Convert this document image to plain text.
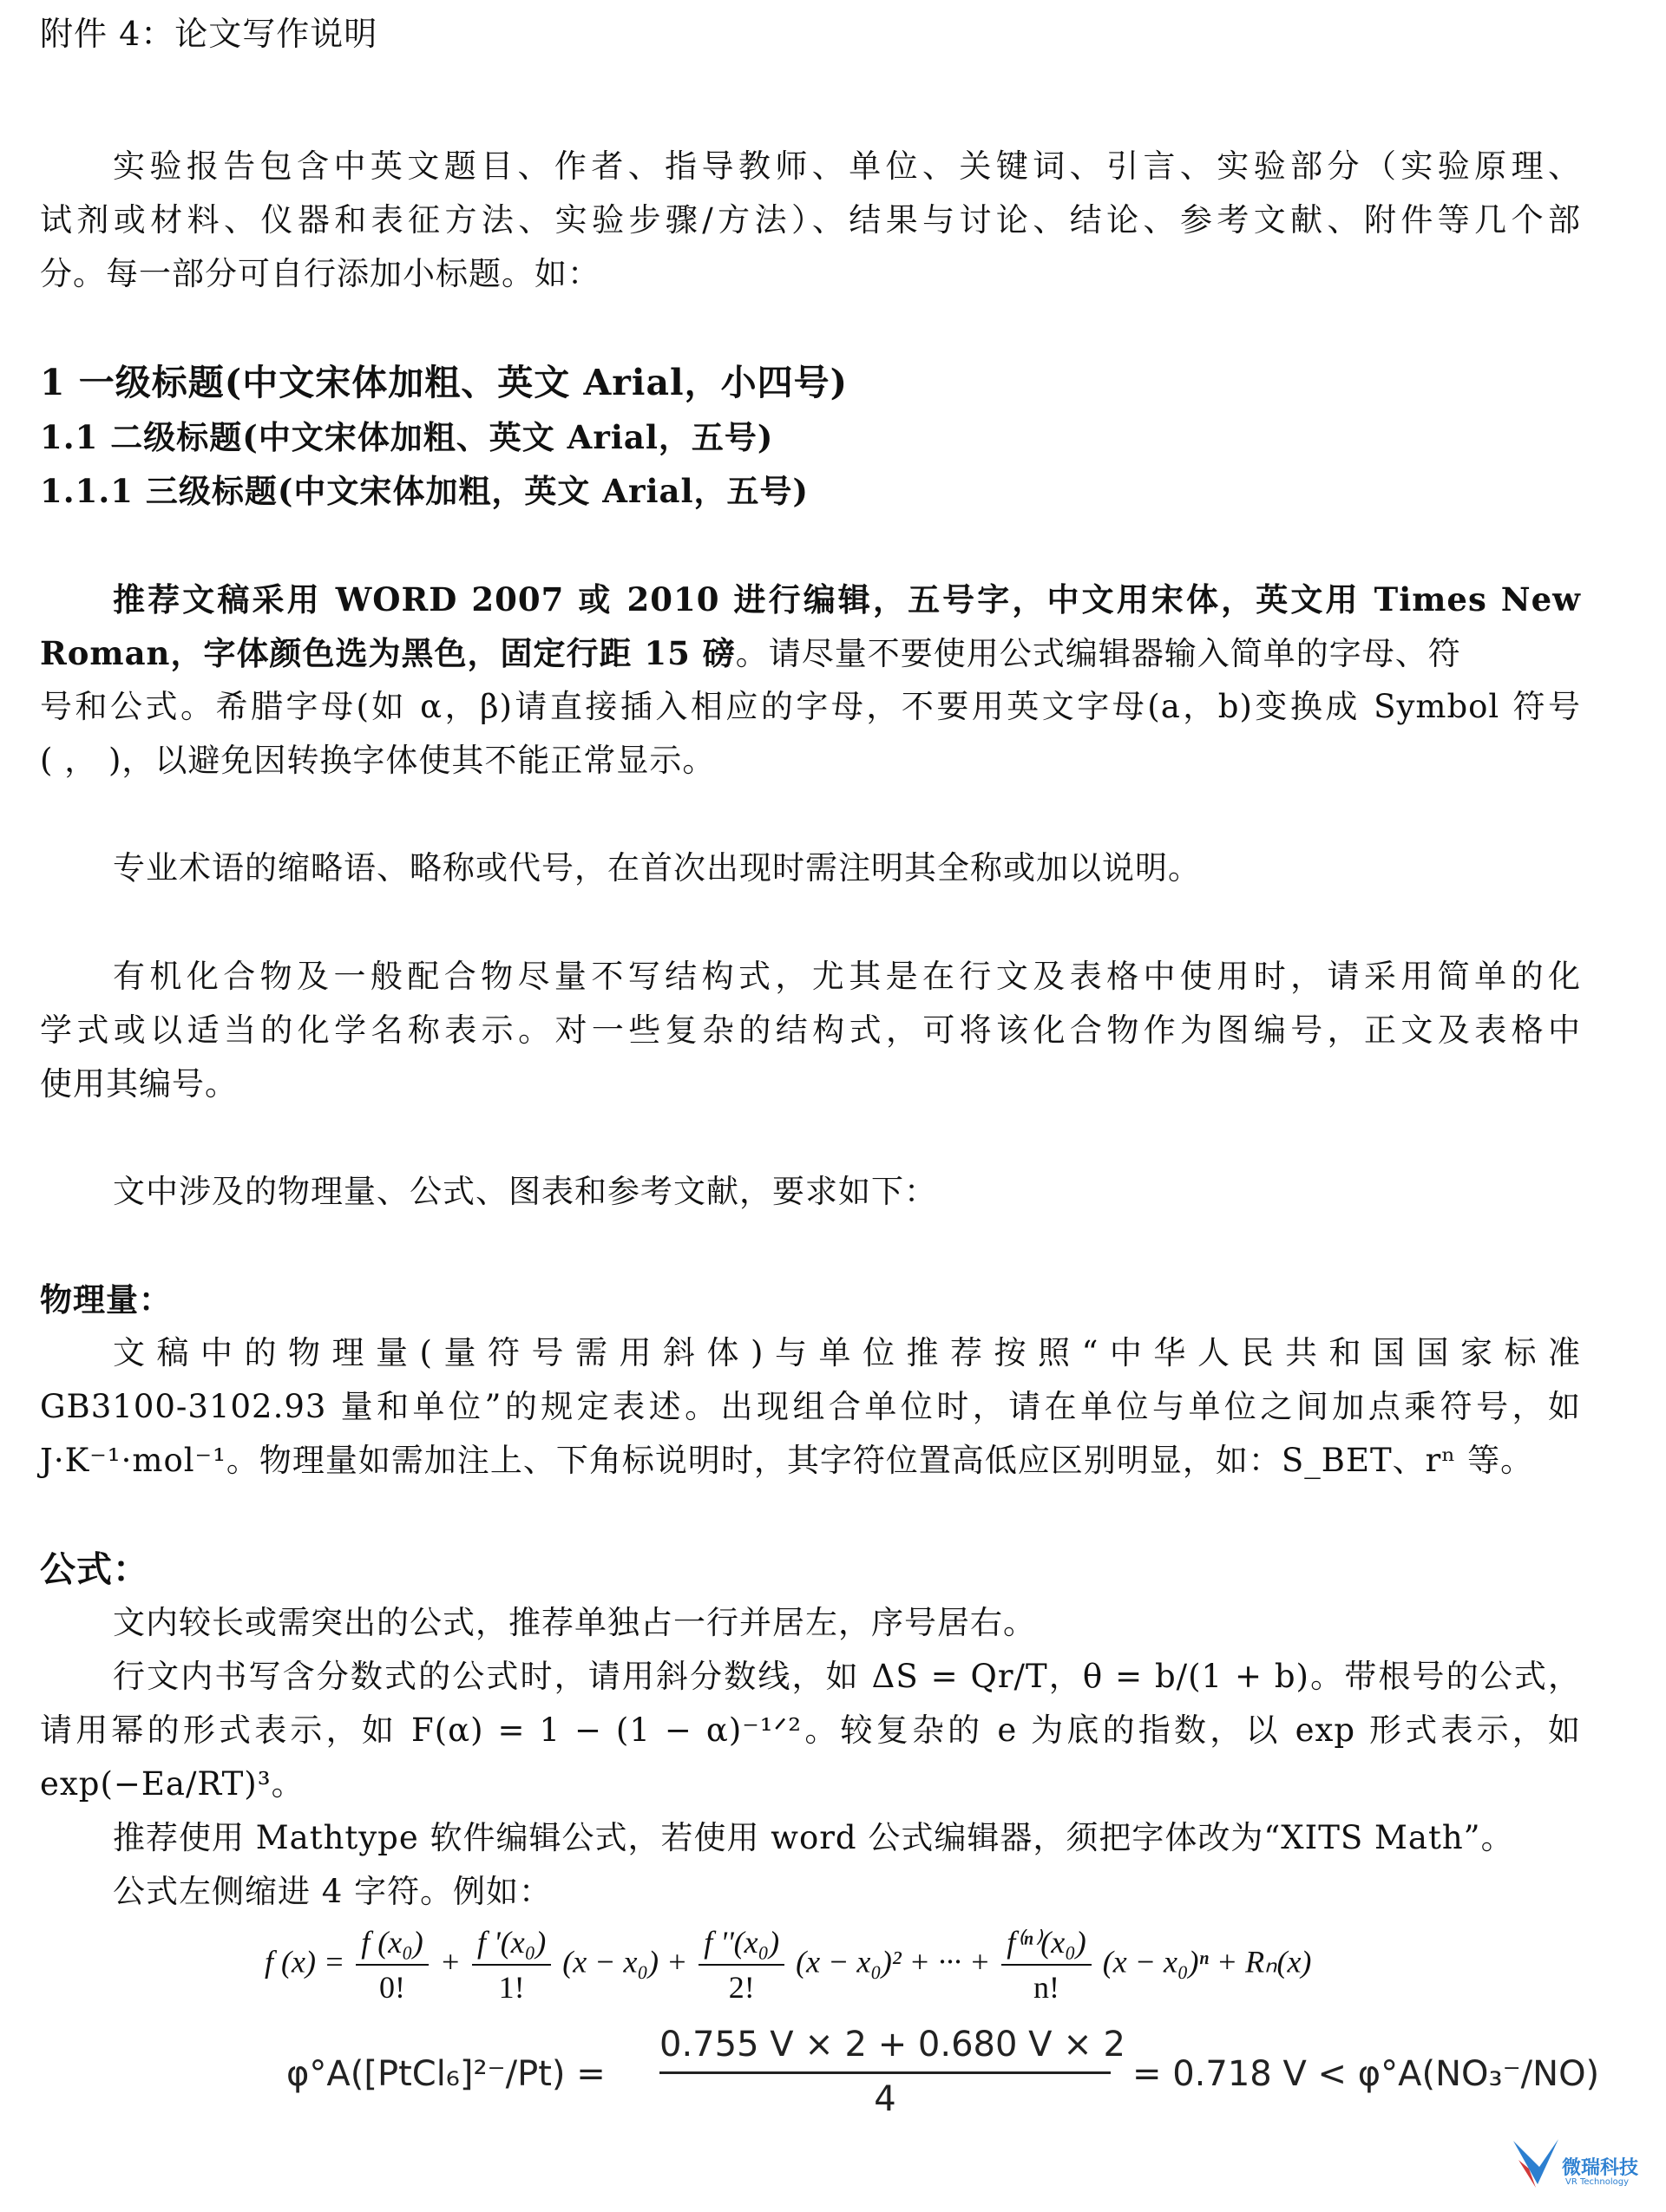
附件 4：论文写作说明
实验报告包含中英文题目、作者、指导教师、单位、关键词、引言、实验部分（实验原理、
试剂或材料、仪器和表征方法、实验步骤/方法）、结果与讨论、结论、参考文献、附件等几个部
分。每一部分可自行添加小标题。如：
1 一级标题(中文宋体加粗、英文 Arial，小四号)
1.1 二级标题(中文宋体加粗、英文 Arial，五号)
1.1.1 三级标题(中文宋体加粗，英文 Arial，五号)
推荐文稿采用 WORD 2007 或 2010 进行编辑，五号字，中文用宋体，英文用 Times New
Roman，字体颜色选为黑色，固定行距 15 磅。请尽量不要使用公式编辑器输入简单的字母、符
号和公式。希腊字母(如 α，β)请直接插入相应的字母，不要用英文字母(a，b)变换成 Symbol 符号
( ， )，以避免因转换字体使其不能正常显示。
专业术语的缩略语、略称或代号，在首次出现时需注明其全称或加以说明。
有机化合物及一般配合物尽量不写结构式，尤其是在行文及表格中使用时，请采用简单的化
学式或以适当的化学名称表示。对一些复杂的结构式，可将该化合物作为图编号，正文及表格中
使用其编号。
文中涉及的物理量、公式、图表和参考文献，要求如下：
物理量：
文稿中的物理量(量符号需用斜体)与单位推荐按照“中华人民共和国国家标准
GB3100-3102.93 量和单位”的规定表述。出现组合单位时，请在单位与单位之间加点乘符号，如
J·K⁻¹·mol⁻¹。物理量如需加注上、下角标说明时，其字符位置高低应区别明显，如：S_BET、rⁿ 等。
公式：
文内较长或需突出的公式，推荐单独占一行并居左，序号居右。
行文内书写含分数式的公式时，请用斜分数线，如 ΔS = Qr/T，θ = b/(1 + b)。带根号的公式，
请用幂的形式表示，如 F(α) = 1 − (1 − α)⁻¹ᐟ²。较复杂的 e 为底的指数，以 exp 形式表示，如
exp(−Ea/RT)³。
推荐使用 Mathtype 软件编辑公式，若使用 word 公式编辑器，须把字体改为“XITS Math”。
公式左侧缩进 4 字符。例如：
f $(x) = \frac{\text{f (x₀)}}{0!} + \frac{\text{f '(x₀)}}{1!} (x - x_0) + \frac{\text{f ''(x₀)}}{2!} (x - x_0)^2$ + ··· + $\frac{\text{f⁽ⁿ⁾(x₀)}}{n!} (x - x_0)^n + R_n(x)$
φ°A([PtCl₆]²⁻/Pt) = $\frac{0.755 V \times 2 + 0.680 V \times 2}{4} = 0.718$ V < φ°A(NO₃⁻/NO)
微瑞科技
VR Technology
